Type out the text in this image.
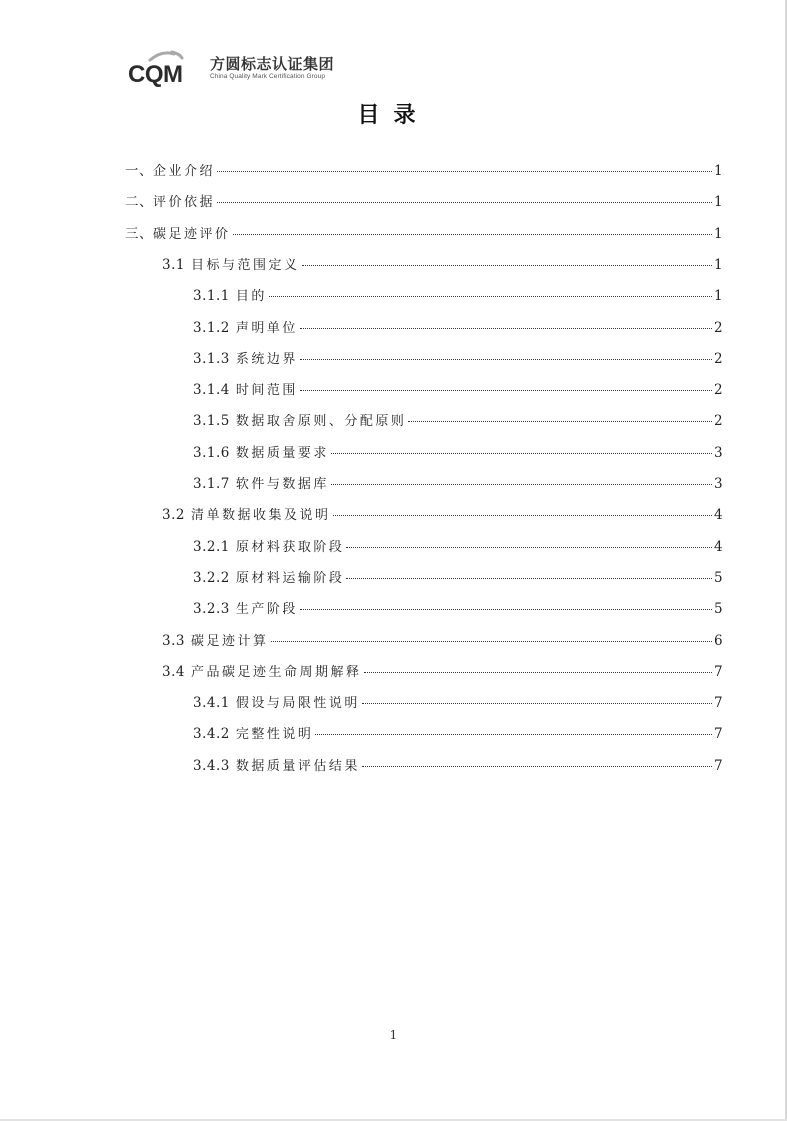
CQM 方圆标志认证集团
China Quality Mark Certification Group
目录
一、 企业介绍	1
二、 评价依据	1
三、 碳足迹评价	1
3.1 目标与范围定义	1
3.1.1 目的	1
3.1.2 声明单位	2
3.1.3 系统边界	2
3.1.4 时间范围	2
3.1.5 数据取舍原则、分配原则	2
3.1.6 数据质量要求	3
3.1.7 软件与数据库	3
3.2 清单数据收集及说明	4
3.2.1 原材料获取阶段	4
3.2.2 原材料运输阶段	5
3.2.3 生产阶段	5
3.3 碳足迹计算	6
3.4 产品碳足迹生命周期解释	7
3.4.1 假设与局限性说明	7
3.4.2 完整性说明	7
3.4.3 数据质量评估结果	7
1
